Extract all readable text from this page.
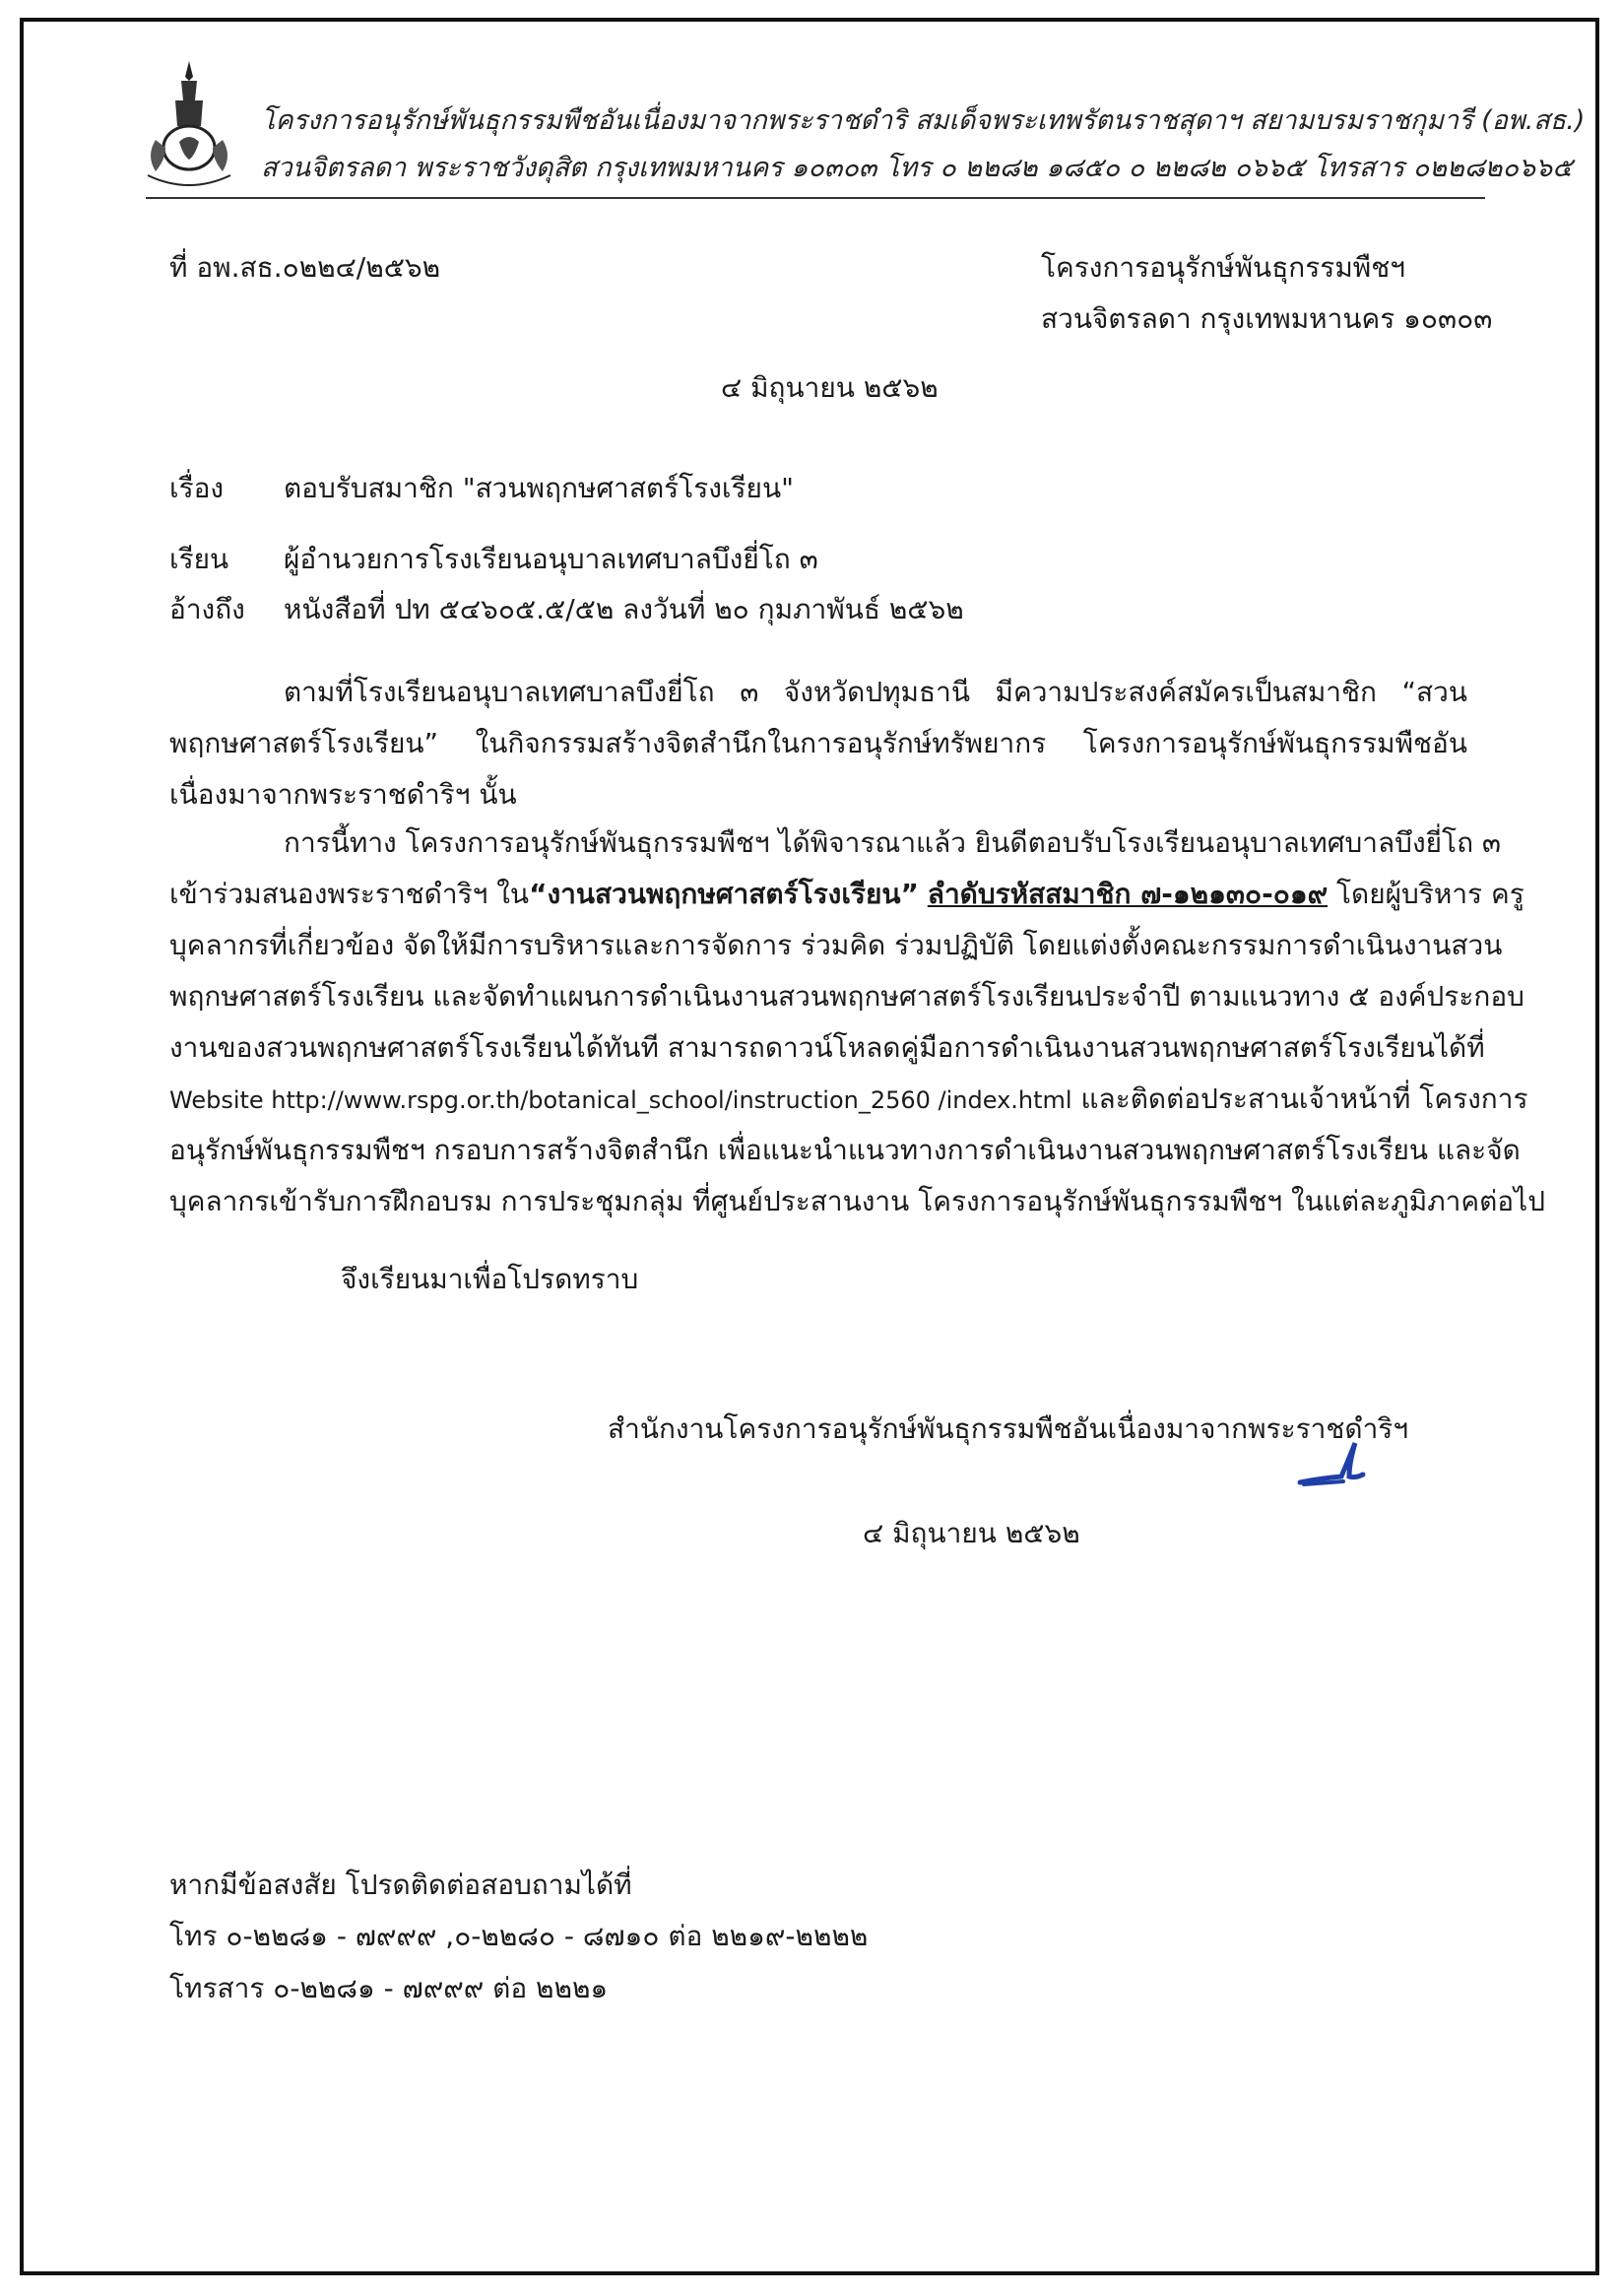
โครงการอนุรักษ์พันธุกรรมพืชอันเนื่องมาจากพระราชดำริ สมเด็จพระเทพรัตนราชสุดาฯ สยามบรมราชกุมารี (อพ.สธ.)
สวนจิตรลดา พระราชวังดุสิต กรุงเทพมหานคร ๑๐๓๐๓ โทร ๐ ๒๒๘๒ ๑๘๕๐ ๐ ๒๒๘๒ ๐๖๖๕ โทรสาร ๐๒๒๘๒๐๖๖๕
ที่ อพ.สธ.๐๒๒๔/๒๕๖๒	โครงการอนุรักษ์พันธุกรรมพืชฯ
สวนจิตรลดา กรุงเทพมหานคร ๑๐๓๐๓
๔ มิถุนายน ๒๕๖๒
เรื่อง ตอบรับสมาชิก "สวนพฤกษศาสตร์โรงเรียน"
เรียน ผู้อำนวยการโรงเรียนอนุบาลเทศบาลบึงยี่โถ ๓
อ้างถึง หนังสือที่ ปท ๕๔๖๐๕.๕/๕๒ ลงวันที่ ๒๐ กุมภาพันธ์ ๒๕๖๒
ตามที่โรงเรียนอนุบาลเทศบาลบึงยี่โถ ๓ จังหวัดปทุมธานี มีความประสงค์สมัครเป็นสมาชิก “สวน
พฤกษศาสตร์โรงเรียน” ในกิจกรรมสร้างจิตสำนึกในการอนุรักษ์ทรัพยากร โครงการอนุรักษ์พันธุกรรมพืชอัน
เนื่องมาจากพระราชดำริฯ นั้น
การนี้ทาง โครงการอนุรักษ์พันธุกรรมพืชฯ ได้พิจารณาแล้ว ยินดีตอบรับโรงเรียนอนุบาลเทศบาลบึงยี่โถ ๓
เข้าร่วมสนองพระราชดำริฯ ใน“งานสวนพฤกษศาสตร์โรงเรียน” ลำดับรหัสสมาชิก ๗-๑๒๑๓๐-๐๑๙ โดยผู้บริหาร ครู
บุคลากรที่เกี่ยวข้อง จัดให้มีการบริหารและการจัดการ ร่วมคิด ร่วมปฏิบัติ โดยแต่งตั้งคณะกรรมการดำเนินงานสวน
พฤกษศาสตร์โรงเรียน และจัดทำแผนการดำเนินงานสวนพฤกษศาสตร์โรงเรียนประจำปี ตามแนวทาง ๕ องค์ประกอบ
งานของสวนพฤกษศาสตร์โรงเรียนได้ทันที สามารถดาวน์โหลดคู่มือการดำเนินงานสวนพฤกษศาสตร์โรงเรียนได้ที่
Website http://www.rspg.or.th/botanical_school/instruction_2560 /index.html และติดต่อประสานเจ้าหน้าที่ โครงการ
อนุรักษ์พันธุกรรมพืชฯ กรอบการสร้างจิตสำนึก เพื่อแนะนำแนวทางการดำเนินงานสวนพฤกษศาสตร์โรงเรียน และจัด
บุคลากรเข้ารับการฝึกอบรม การประชุมกลุ่ม ที่ศูนย์ประสานงาน โครงการอนุรักษ์พันธุกรรมพืชฯ ในแต่ละภูมิภาคต่อไป
จึงเรียนมาเพื่อโปรดทราบ
สำนักงานโครงการอนุรักษ์พันธุกรรมพืชอันเนื่องมาจากพระราชดำริฯ
๔ มิถุนายน ๒๕๖๒
หากมีข้อสงสัย โปรดติดต่อสอบถามได้ที่
โทร ๐-๒๒๘๑ - ๗๙๙๙ ,๐-๒๒๘๐ - ๘๗๑๐ ต่อ ๒๒๑๙-๒๒๒๒
โทรสาร ๐-๒๒๘๑ - ๗๙๙๙ ต่อ ๒๒๒๑
